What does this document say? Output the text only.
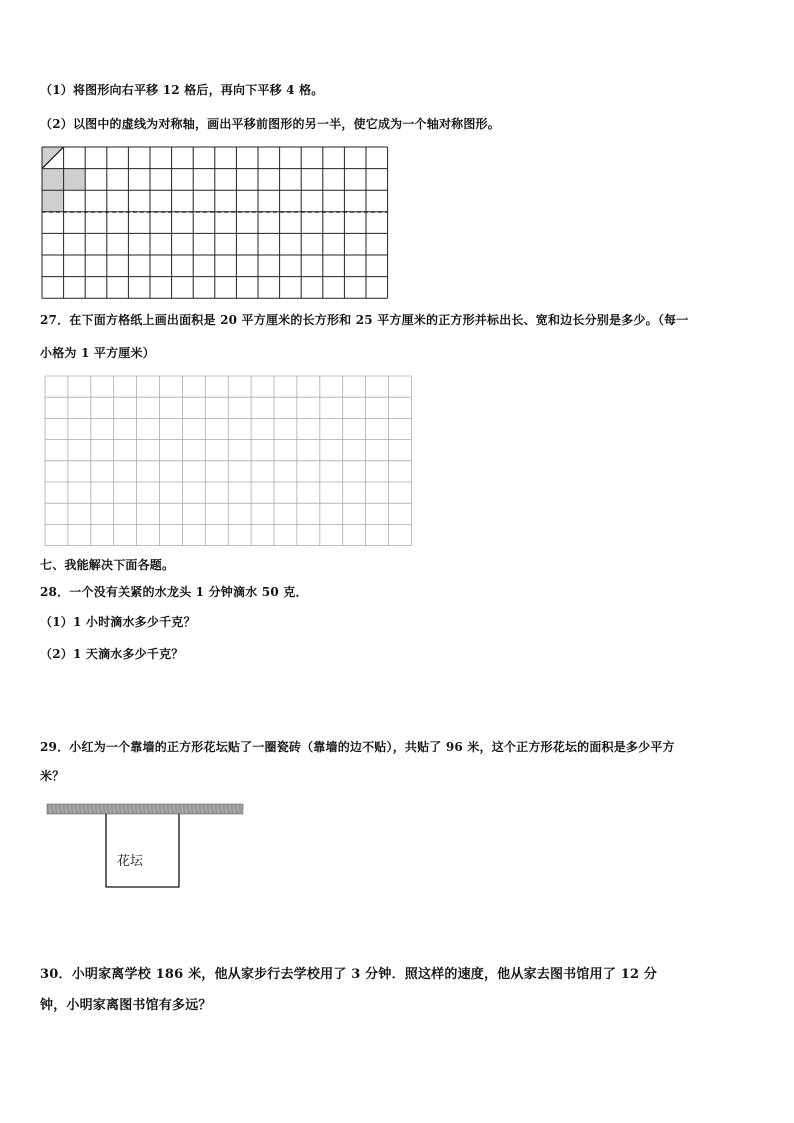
（1）将图形向右平移 12 格后，再向下平移 4 格。
（2）以图中的虚线为对称轴，画出平移前图形的另一半，使它成为一个轴对称图形。
27．在下面方格纸上画出面积是 20 平方厘米的长方形和 25 平方厘米的正方形并标出长、宽和边长分别是多少。（每一
小格为 1 平方厘米）
七、我能解决下面各题。
28．一个没有关紧的水龙头 1 分钟滴水 50 克．
（1）1 小时滴水多少千克？
（2）1 天滴水多少千克？
29．小红为一个靠墙的正方形花坛贴了一圈瓷砖（靠墙的边不贴），共贴了 96 米，这个正方形花坛的面积是多少平方
米？
花坛
30．小明家离学校 186 米，他从家步行去学校用了 3 分钟．照这样的速度，他从家去图书馆用了 12 分
钟，小明家离图书馆有多远？
